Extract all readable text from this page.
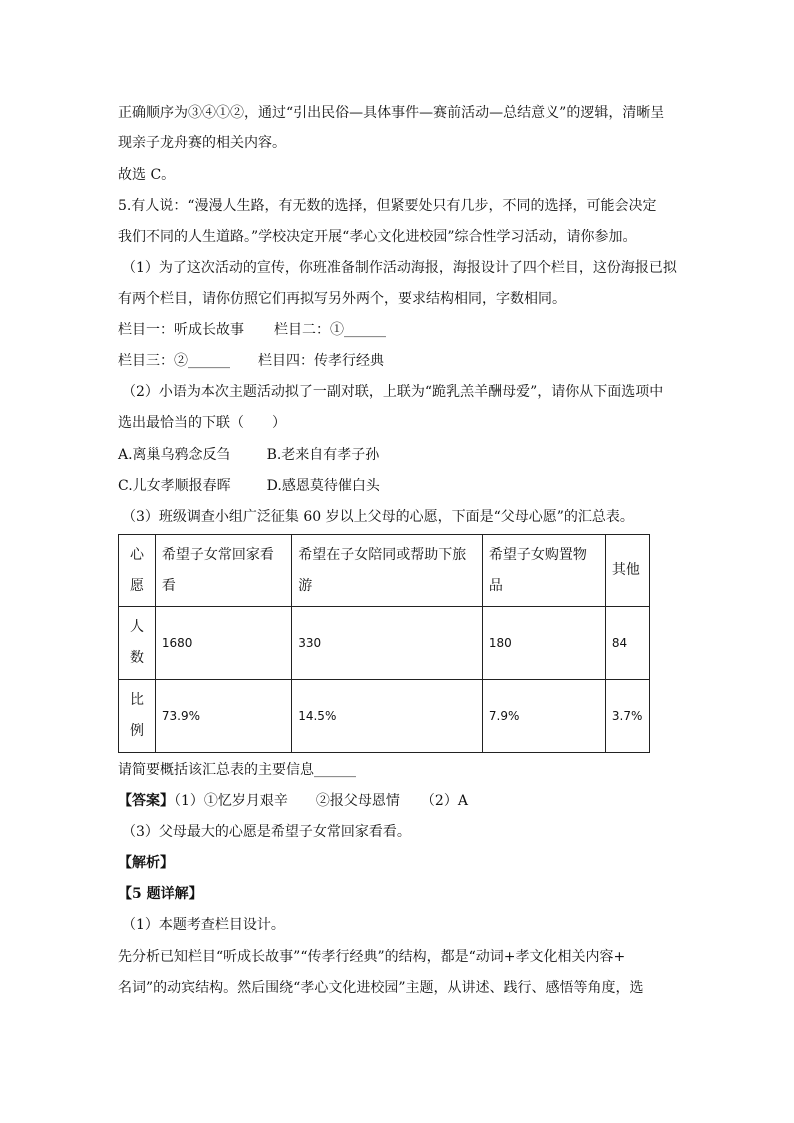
正确顺序为③④①②，通过“引出民俗—具体事件—赛前活动—总结意义”的逻辑，清晰呈
现亲子龙舟赛的相关内容。
故选 C。
5.有人说：“漫漫人生路，有无数的选择，但紧要处只有几步，不同的选择，可能会决定
我们不同的人生道路。”学校决定开展“孝心文化进校园”综合性学习活动，请你参加。
（1）为了这次活动的宣传，你班准备制作活动海报，海报设计了四个栏目，这份海报已拟
有两个栏目，请你仿照它们再拟写另外两个，要求结构相同，字数相同。
栏目一：听成长故事 栏目二：①______
栏目三：②______ 栏目四：传孝行经典
（2）小语为本次主题活动拟了一副对联，上联为“跪乳羔羊酬母爱”，请你从下面选项中
选出最恰当的下联（　　）
A.离巢乌鸦念反刍	B.老来自有孝子孙
C.儿女孝顺报春晖	D.感恩莫待催白头
（3）班级调查小组广泛征集 60 岁以上父母的心愿，下面是“父母心愿”的汇总表。
心
愿	希望子女常回家看看	希望在子女陪同或帮助下旅游	希望子女购置物品	其他
人
数	1680	330	180	84
比
例	73.9%	14.5%	7.9%	3.7%
请简要概括该汇总表的主要信息______
【答案】（1）①忆岁月艰辛　　②报父母恩情　　（2）A
（3）父母最大的心愿是希望子女常回家看看。
【解析】
【5 题详解】
（1）本题考查栏目设计。
先分析已知栏目“听成长故事”“传孝行经典”的结构，都是“动词+孝文化相关内容+
名词”的动宾结构。然后围绕“孝心文化进校园”主题，从讲述、践行、感悟等角度，选
